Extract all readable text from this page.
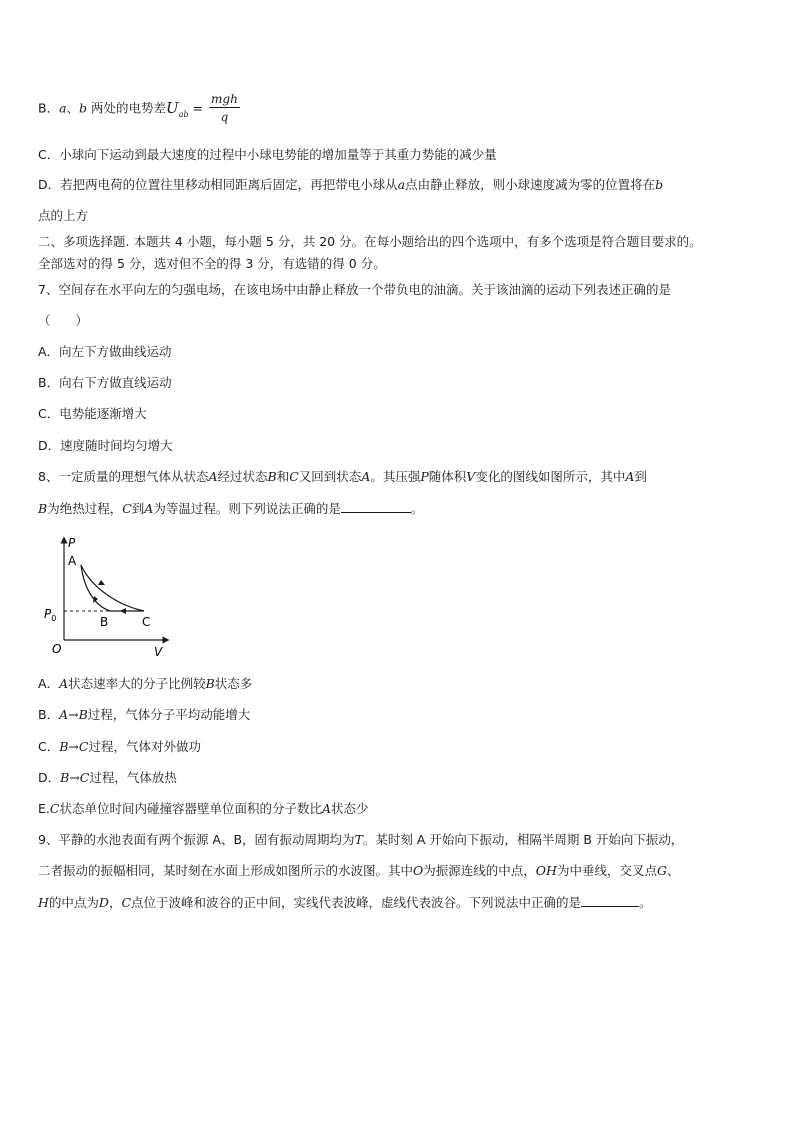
B．a、b 两处的电势差$U_{ab} = \frac{\text{mgh}}{q}$
C．小球向下运动到最大速度的过程中小球电势能的增加量等于其重力势能的减少量
D．若把两电荷的位置往里移动相同距离后固定，再把带电小球从a点由静止释放，则小球速度减为零的位置将在b
点的上方
二、多项选择题. 本题共 4 小题，每小题 5 分，共 20 分。在每小题给出的四个选项中，有多个选项是符合题目要求的。
全部选对的得 5 分，选对但不全的得 3 分，有选错的得 0 分。
7、空间存在水平向左的匀强电场，在该电场中由静止释放一个带负电的油滴。关于该油滴的运动下列表述正确的是
（　　）
A．向左下方做曲线运动
B．向右下方做直线运动
C．电势能逐渐增大
D．速度随时间均匀增大
8、一定质量的理想气体从状态A经过状态B和C又回到状态A。其压强P随体积V变化的图线如图所示，其中A到
B为绝热过程，C到A为等温过程。则下列说法正确的是	。
P
V
O
$P_0$
A
B	C
A．A状态速率大的分子比例较B状态多
B．A→B过程，气体分子平均动能增大
C．B→C过程，气体对外做功
D．B→C过程，气体放热
E.C状态单位时间内碰撞容器壁单位面积的分子数比A状态少
9、平静的水池表面有两个振源 A、B，固有振动周期均为T。某时刻 A 开始向下振动，相隔半周期 B 开始向下振动，
二者振动的振幅相同，某时刻在水面上形成如图所示的水波图。其中O为振源连线的中点，OH为中垂线，交叉点G、
H的中点为D，C点位于波峰和波谷的正中间，实线代表波峰，虚线代表波谷。下列说法中正确的是	。
